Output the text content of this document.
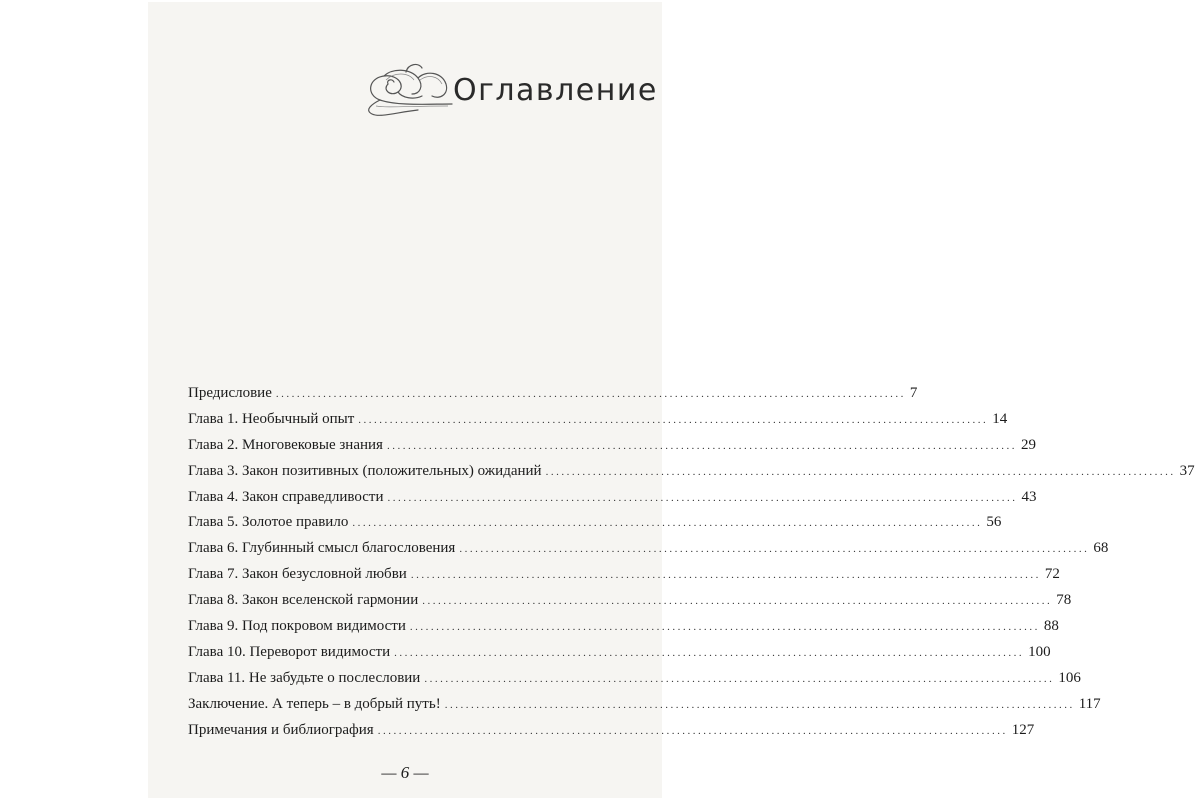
Оглавление
Предисловие ........................................................................................................................ 7
Глава 1. Необычный опыт ........................................................................................................................ 14
Глава 2. Многовековые знания ........................................................................................................................ 29
Глава 3. Закон позитивных (положительных) ожиданий ........................................................................................................................ 37
Глава 4. Закон справедливости ........................................................................................................................ 43
Глава 5. Золотое правило ........................................................................................................................ 56
Глава 6. Глубинный смысл благословения ........................................................................................................................ 68
Глава 7. Закон безусловной любви ........................................................................................................................ 72
Глава 8. Закон вселенской гармонии ........................................................................................................................ 78
Глава 9. Под покровом видимости ........................................................................................................................ 88
Глава 10. Переворот видимости ........................................................................................................................ 100
Глава 11. Не забудьте о послесловии ........................................................................................................................ 106
Заключение. А теперь – в добрый путь! ........................................................................................................................ 117
Примечания и библиография ........................................................................................................................ 127
— 6 —
